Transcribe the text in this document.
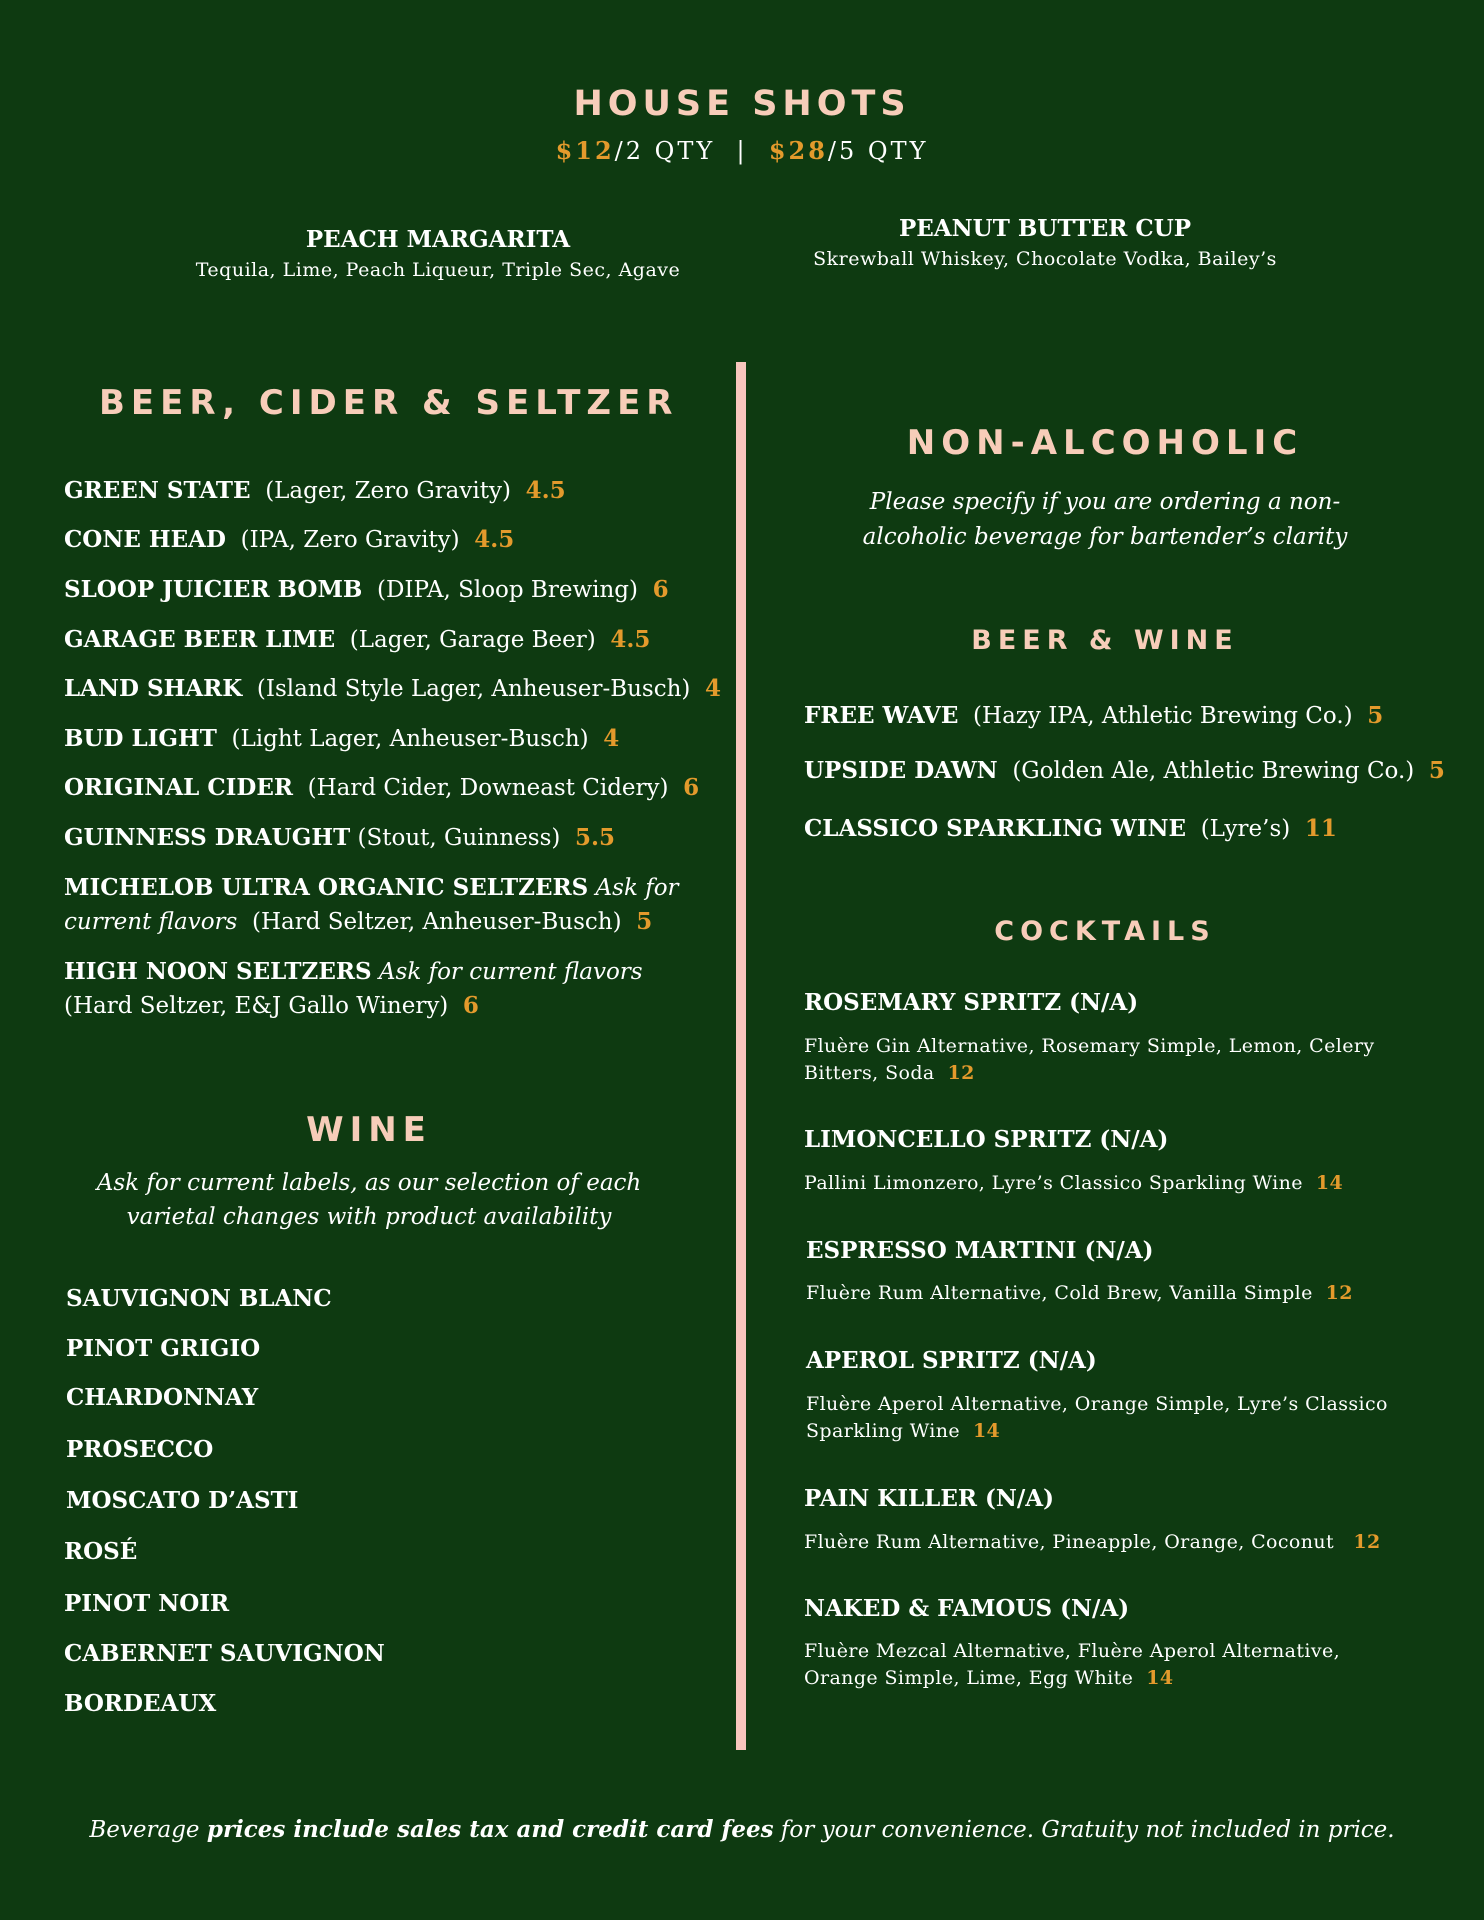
HOUSE SHOTS
$12/2 QTY | $28/5 QTY
PEACH MARGARITA
Tequila, Lime, Peach Liqueur, Triple Sec, Agave
PEANUT BUTTER CUP
Skrewball Whiskey, Chocolate Vodka, Bailey’s
BEER, CIDER & SELTZER
GREEN STATE (Lager, Zero Gravity) 4.5
CONE HEAD (IPA, Zero Gravity) 4.5
SLOOP JUICIER BOMB (DIPA, Sloop Brewing) 6
GARAGE BEER LIME (Lager, Garage Beer) 4.5
LAND SHARK (Island Style Lager, Anheuser-Busch) 4
BUD LIGHT (Light Lager, Anheuser-Busch) 4
ORIGINAL CIDER (Hard Cider, Downeast Cidery) 6
GUINNESS DRAUGHT (Stout, Guinness) 5.5
MICHELOB ULTRA ORGANIC SELTZERS Ask for current flavors (Hard Seltzer, Anheuser-Busch) 5
HIGH NOON SELTZERS Ask for current flavors  (Hard Seltzer, E&J Gallo Winery) 6
WINE
Ask for current labels, as our selection of each varietal changes with product availability
SAUVIGNON BLANC
PINOT GRIGIO
CHARDONNAY
PROSECCO
MOSCATO D’ASTI
ROSÉ
PINOT NOIR
CABERNET SAUVIGNON
BORDEAUX
NON-ALCOHOLIC
Please specify if you are ordering a non-alcoholic beverage for bartender’s clarity
BEER & WINE
FREE WAVE (Hazy IPA, Athletic Brewing Co.) 5
UPSIDE DAWN (Golden Ale, Athletic Brewing Co.) 5
CLASSICO SPARKLING WINE (Lyre’s) 11
COCKTAILS
ROSEMARY SPRITZ (N/A)
Fluère Gin Alternative, Rosemary Simple, Lemon, Celery Bitters, Soda 12
LIMONCELLO SPRITZ (N/A)
Pallini Limonzero, Lyre’s Classico Sparkling Wine 14
ESPRESSO MARTINI (N/A)
Fluère Rum Alternative, Cold Brew, Vanilla Simple 12
APEROL SPRITZ (N/A)
Fluère Aperol Alternative, Orange Simple, Lyre’s Classico Sparkling Wine 14
PAIN KILLER (N/A)
Fluère Rum Alternative, Pineapple, Orange, Coconut 12
NAKED & FAMOUS (N/A)
Fluère Mezcal Alternative, Fluère Aperol Alternative, Orange Simple, Lime, Egg White 14
Beverage prices include sales tax and credit card fees for your convenience. Gratuity not included in price.
